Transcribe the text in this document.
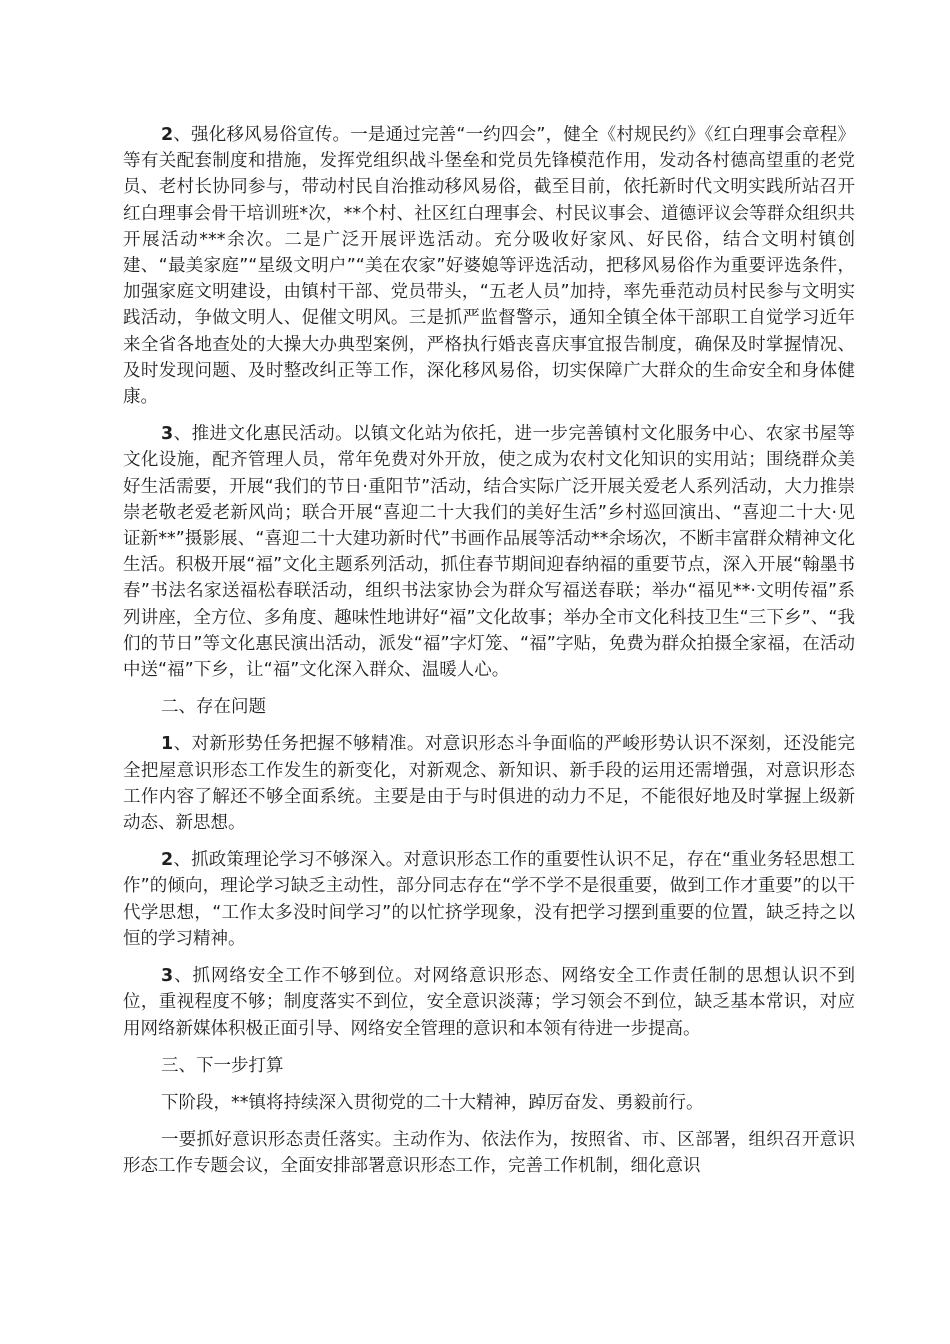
2、强化移风易俗宣传。一是通过完善“一约四会”，健全《村规民约》《红白理事会章程》等有关配套制度和措施，发挥党组织战斗堡垒和党员先锋模范作用，发动各村德高望重的老党员、老村长协同参与，带动村民自治推动移风易俗，截至目前，依托新时代文明实践所站召开红白理事会骨干培训班*次，**个村、社区红白理事会、村民议事会、道德评议会等群众组织共开展活动***余次。二是广泛开展评选活动。充分吸收好家风、好民俗，结合文明村镇创建、“最美家庭”“星级文明户”“美在农家”好婆媳等评选活动，把移风易俗作为重要评选条件，加强家庭文明建设，由镇村干部、党员带头，“五老人员”加持，率先垂范动员村民参与文明实践活动，争做文明人、促催文明风。三是抓严监督警示，通知全镇全体干部职工自觉学习近年来全省各地查处的大操大办典型案例，严格执行婚丧喜庆事宜报告制度，确保及时掌握情况、及时发现问题、及时整改纠正等工作，深化移风易俗，切实保障广大群众的生命安全和身体健康。

3、推进文化惠民活动。以镇文化站为依托，进一步完善镇村文化服务中心、农家书屋等文化设施，配齐管理人员，常年免费对外开放，使之成为农村文化知识的实用站；围绕群众美好生活需要，开展“我们的节日·重阳节”活动，结合实际广泛开展关爱老人系列活动，大力推崇崇老敬老爱老新风尚；联合开展“喜迎二十大我们的美好生活”乡村巡回演出、“喜迎二十大·见证新**”摄影展、“喜迎二十大建功新时代”书画作品展等活动**余场次，不断丰富群众精神文化生活。积极开展“福”文化主题系列活动，抓住春节期间迎春纳福的重要节点，深入开展“翰墨书春”书法名家送福松春联活动，组织书法家协会为群众写福送春联；举办“福见**·文明传福”系列讲座，全方位、多角度、趣味性地讲好“福”文化故事；举办全市文化科技卫生“三下乡”、“我们的节日”等文化惠民演出活动，派发“福”字灯笼、“福”字贴，免费为群众拍摄全家福，在活动中送“福”下乡，让“福”文化深入群众、温暖人心。

二、存在问题

1、对新形势任务把握不够精准。对意识形态斗争面临的严峻形势认识不深刻，还没能完全把屋意识形态工作发生的新变化，对新观念、新知识、新手段的运用还需增强，对意识形态工作内容了解还不够全面系统。主要是由于与时俱进的动力不足，不能很好地及时掌握上级新动态、新思想。

2、抓政策理论学习不够深入。对意识形态工作的重要性认识不足，存在“重业务轻思想工作”的倾向，理论学习缺乏主动性，部分同志存在“学不学不是很重要，做到工作才重要”的以干代学思想，“工作太多没时间学习”的以忙挤学现象，没有把学习摆到重要的位置，缺乏持之以恒的学习精神。

3、抓网络安全工作不够到位。对网络意识形态、网络安全工作责任制的思想认识不到位，重视程度不够；制度落实不到位，安全意识淡薄；学习领会不到位，缺乏基本常识，对应用网络新媒体积极正面引导、网络安全管理的意识和本领有待进一步提高。

三、下一步打算

下阶段，**镇将持续深入贯彻党的二十大精神，踔厉奋发、勇毅前行。

一要抓好意识形态责任落实。主动作为、依法作为，按照省、市、区部署，组织召开意识形态工作专题会议，全面安排部署意识形态工作，完善工作机制，细化意识
